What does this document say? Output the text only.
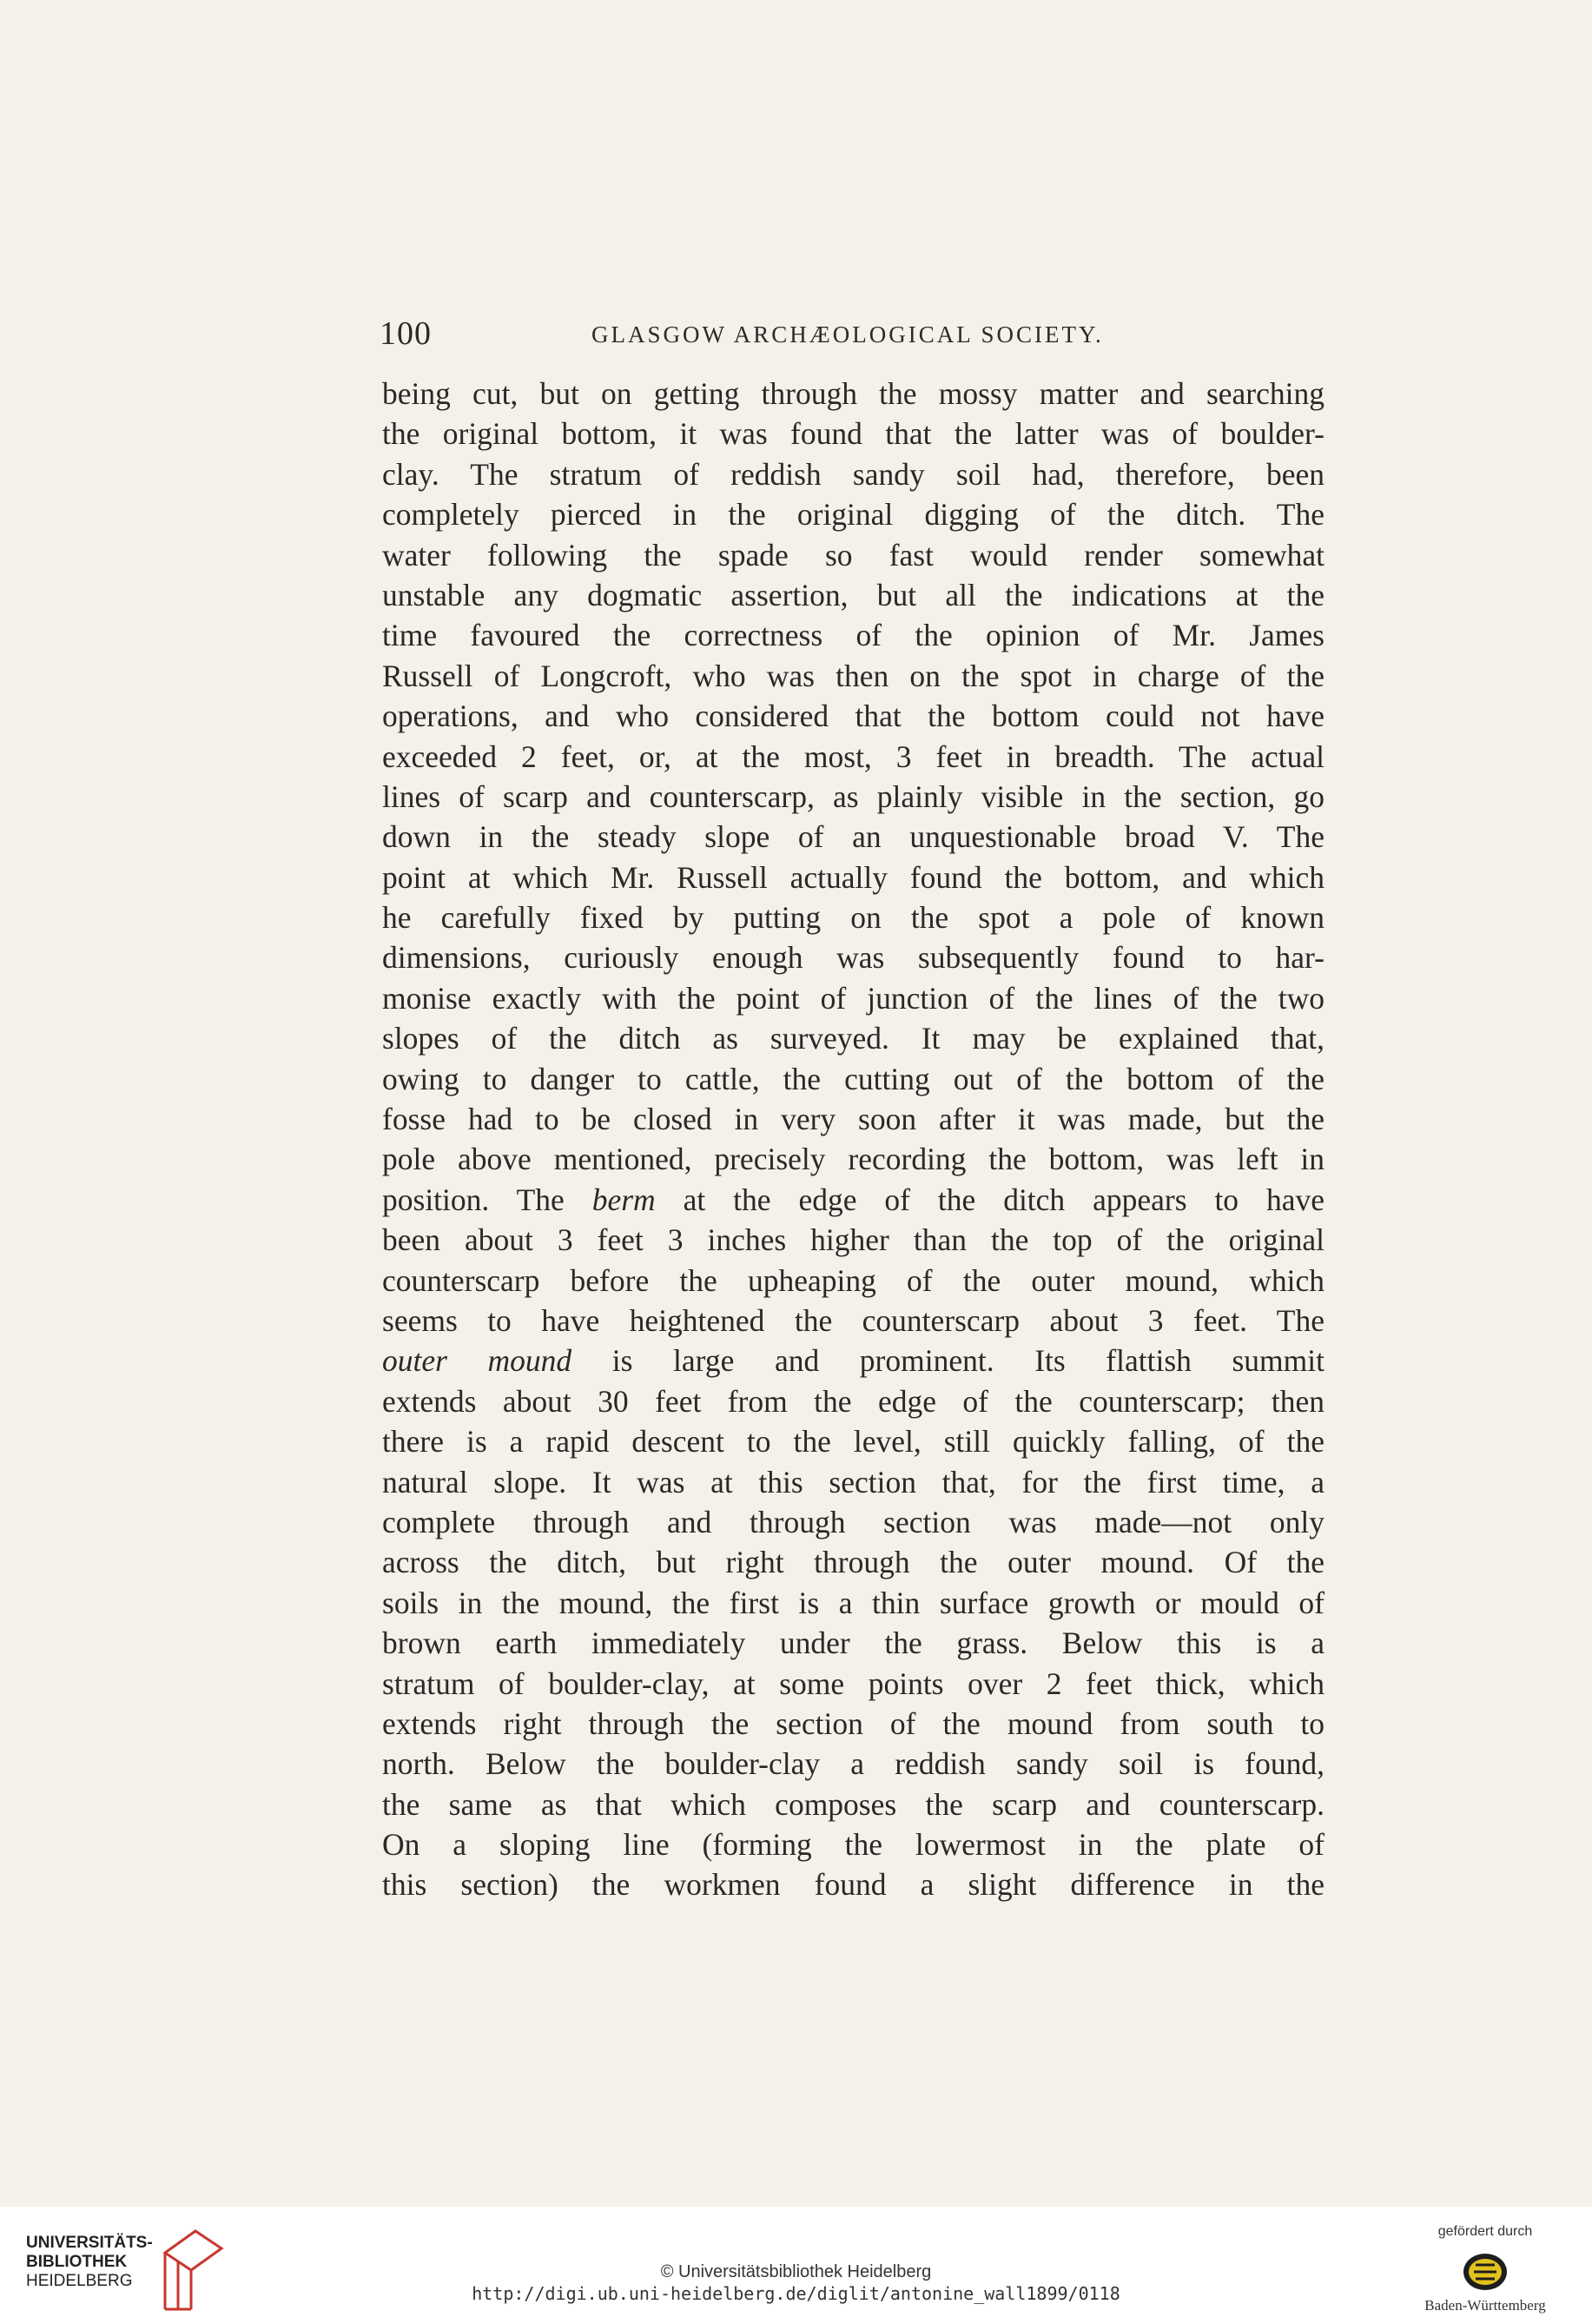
100	GLASGOW ARCHÆOLOGICAL SOCIETY.
being cut, but on getting through the mossy matter and searching
the original bottom, it was found that the latter was of boulder-
clay. The stratum of reddish sandy soil had, therefore, been
completely pierced in the original digging of the ditch. The
water following the spade so fast would render somewhat
unstable any dogmatic assertion, but all the indications at the
time favoured the correctness of the opinion of Mr. James
Russell of Longcroft, who was then on the spot in charge of the
operations, and who considered that the bottom could not have
exceeded 2 feet, or, at the most, 3 feet in breadth. The actual
lines of scarp and counterscarp, as plainly visible in the section, go
down in the steady slope of an unquestionable broad V. The
point at which Mr. Russell actually found the bottom, and which
he carefully fixed by putting on the spot a pole of known
dimensions, curiously enough was subsequently found to har-
monise exactly with the point of junction of the lines of the two
slopes of the ditch as surveyed. It may be explained that,
owing to danger to cattle, the cutting out of the bottom of the
fosse had to be closed in very soon after it was made, but the
pole above mentioned, precisely recording the bottom, was left in
position. The berm at the edge of the ditch appears to have
been about 3 feet 3 inches higher than the top of the original
counterscarp before the upheaping of the outer mound, which
seems to have heightened the counterscarp about 3 feet. The
outer mound is large and prominent. Its flattish summit
extends about 30 feet from the edge of the counterscarp; then
there is a rapid descent to the level, still quickly falling, of the
natural slope. It was at this section that, for the first time, a
complete through and through section was made—not only
across the ditch, but right through the outer mound. Of the
soils in the mound, the first is a thin surface growth or mould of
brown earth immediately under the grass. Below this is a
stratum of boulder-clay, at some points over 2 feet thick, which
extends right through the section of the mound from south to
north. Below the boulder-clay a reddish sandy soil is found,
the same as that which composes the scarp and counterscarp.
On a sloping line (forming the lowermost in the plate of
this section) the workmen found a slight difference in the
UNIVERSITÄTS-
BIBLIOTHEK
HEIDELBERG	© Universitätsbibliothek Heidelberg
http://digi.ub.uni-heidelberg.de/diglit/antonine_wall1899/0118
gefördert durch
Baden-Württemberg
